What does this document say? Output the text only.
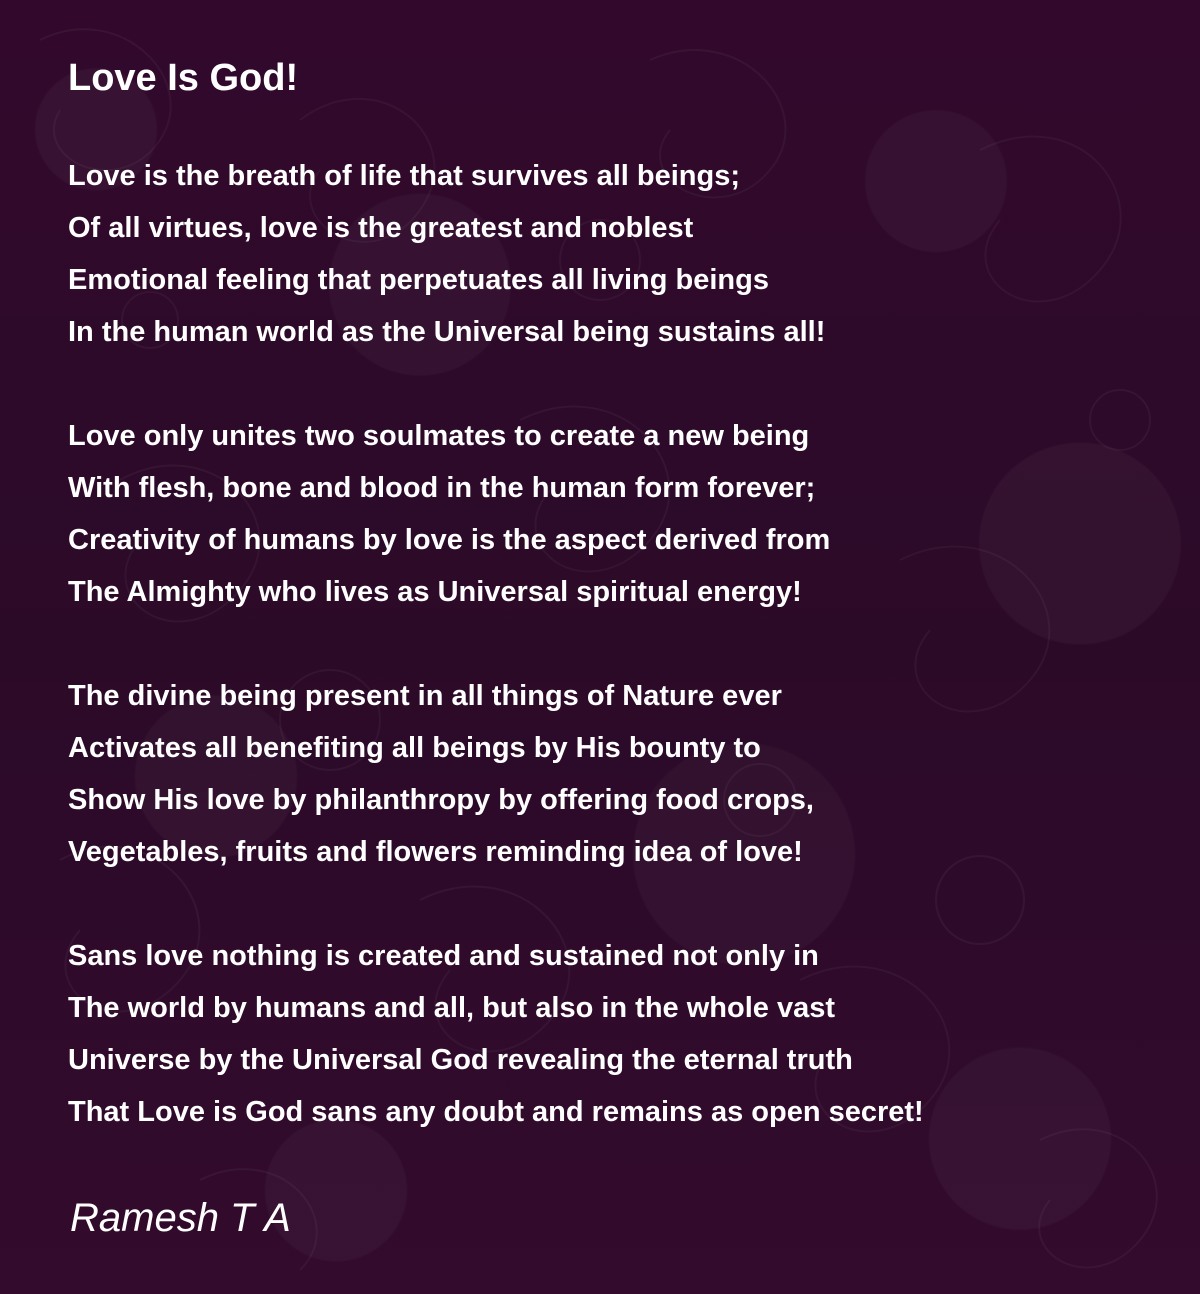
Love Is God!

Love is the breath of life that survives all beings;
Of all virtues, love is the greatest and noblest
Emotional feeling that perpetuates all living beings
In the human world as the Universal being sustains all!

Love only unites two soulmates to create a new being
With flesh, bone and blood in the human form forever;
Creativity of humans by love is the aspect derived from
The Almighty who lives as Universal spiritual energy!

The divine being present in all things of Nature ever
Activates all benefiting all beings by His bounty to
Show His love by philanthropy by offering food crops,
Vegetables, fruits and flowers reminding idea of love!

Sans love nothing is created and sustained not only in
The world by humans and all, but also in the whole vast
Universe by the Universal God revealing the eternal truth
That Love is God sans any doubt and remains as open secret!

Ramesh T A
